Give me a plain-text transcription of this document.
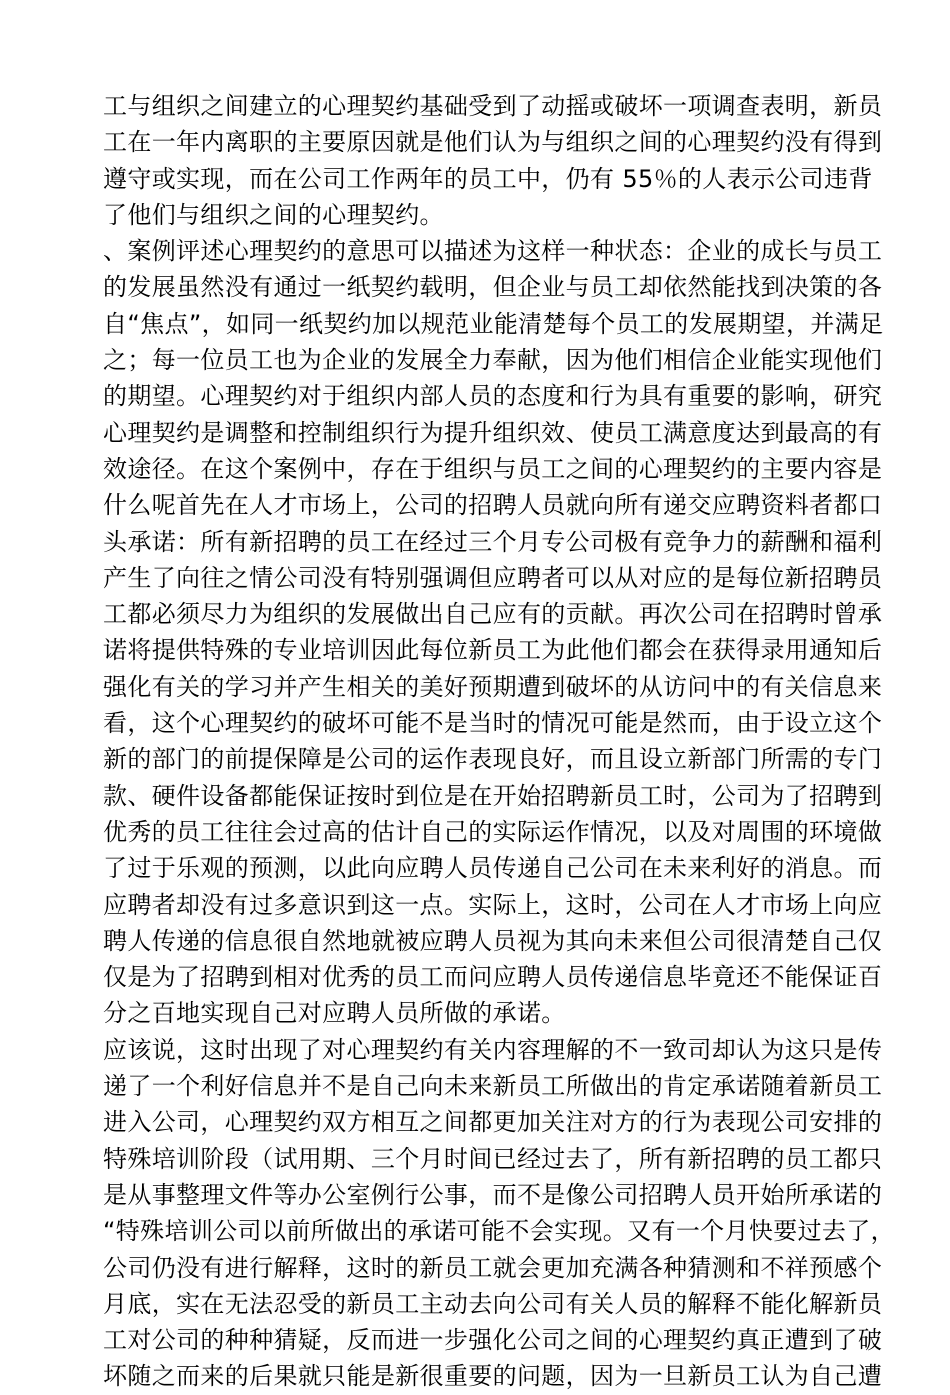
工与组织之间建立的心理契约基础受到了动摇或破坏一项调查表明，新员
工在一年内离职的主要原因就是他们认为与组织之间的心理契约没有得到
遵守或实现，而在公司工作两年的员工中，仍有 55％的人表示公司违背
了他们与组织之间的心理契约。
、案例评述心理契约的意思可以描述为这样一种状态：企业的成长与员工
的发展虽然没有通过一纸契约载明，但企业与员工却依然能找到决策的各
自“焦点”，如同一纸契约加以规范业能清楚每个员工的发展期望，并满足
之；每一位员工也为企业的发展全力奉献，因为他们相信企业能实现他们
的期望。心理契约对于组织内部人员的态度和行为具有重要的影响，研究
心理契约是调整和控制组织行为提升组织效、使员工满意度达到最高的有
效途径。在这个案例中，存在于组织与员工之间的心理契约的主要内容是
什么呢首先在人才市场上，公司的招聘人员就向所有递交应聘资料者都口
头承诺：所有新招聘的员工在经过三个月专公司极有竞争力的薪酬和福利
产生了向往之情公司没有特别强调但应聘者可以从对应的是每位新招聘员
工都必须尽力为组织的发展做出自己应有的贡献。再次公司在招聘时曾承
诺将提供特殊的专业培训因此每位新员工为此他们都会在获得录用通知后
强化有关的学习并产生相关的美好预期遭到破坏的从访问中的有关信息来
看，这个心理契约的破坏可能不是当时的情况可能是然而，由于设立这个
新的部门的前提保障是公司的运作表现良好，而且设立新部门所需的专门
款、硬件设备都能保证按时到位是在开始招聘新员工时，公司为了招聘到
优秀的员工往往会过高的估计自己的实际运作情况，以及对周围的环境做
了过于乐观的预测，以此向应聘人员传递自己公司在未来利好的消息。而
应聘者却没有过多意识到这一点。实际上，这时，公司在人才市场上向应
聘人传递的信息很自然地就被应聘人员视为其向未来但公司很清楚自己仅
仅是为了招聘到相对优秀的员工而问应聘人员传递信息毕竟还不能保证百
分之百地实现自己对应聘人员所做的承诺。
应该说，这时出现了对心理契约有关内容理解的不一致司却认为这只是传
递了一个利好信息并不是自己向未来新员工所做出的肯定承诺随着新员工
进入公司，心理契约双方相互之间都更加关注对方的行为表现公司安排的
特殊培训阶段（试用期、三个月时间已经过去了，所有新招聘的员工都只
是从事整理文件等办公室例行公事，而不是像公司招聘人员开始所承诺的
“特殊培训公司以前所做出的承诺可能不会实现。又有一个月快要过去了，
公司仍没有进行解释，这时的新员工就会更加充满各种猜测和不祥预感个
月底，实在无法忍受的新员工主动去向公司有关人员的解释不能化解新员
工对公司的种种猜疑，反而进一步强化公司之间的心理契约真正遭到了破
坏随之而来的后果就只能是新很重要的问题，因为一旦新员工认为自己遭
